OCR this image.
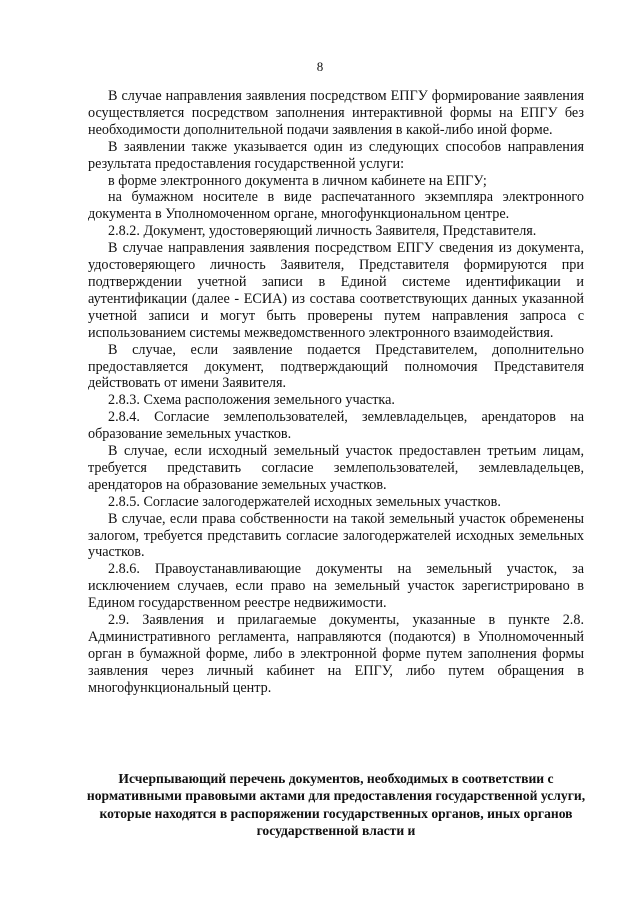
8

В случае направления заявления посредством ЕПГУ формирование заявления осуществляется посредством заполнения интерактивной формы на ЕПГУ без необходимости дополнительной подачи заявления в какой-либо иной форме.

В заявлении также указывается один из следующих способов направления результата предоставления государственной услуги:

в форме электронного документа в личном кабинете на ЕПГУ;

на бумажном носителе в виде распечатанного экземпляра электронного документа в Уполномоченном органе, многофункциональном центре.

2.8.2. Документ, удостоверяющий личность Заявителя, Представителя.

В случае направления заявления посредством ЕПГУ сведения из документа, удостоверяющего личность Заявителя, Представителя формируются при подтверждении учетной записи в Единой системе идентификации и аутентификации (далее - ЕСИА) из состава соответствующих данных указанной учетной записи и могут быть проверены путем направления запроса с использованием системы межведомственного электронного взаимодействия.

В случае, если заявление подается Представителем, дополнительно предоставляется документ, подтверждающий полномочия Представителя действовать от имени Заявителя.

2.8.3. Схема расположения земельного участка.

2.8.4. Согласие землепользователей, землевладельцев, арендаторов на образование земельных участков.

В случае, если исходный земельный участок предоставлен третьим лицам, требуется представить согласие землепользователей, землевладельцев, арендаторов на образование земельных участков.

2.8.5. Согласие залогодержателей исходных земельных участков.

В случае, если права собственности на такой земельный участок обременены залогом, требуется представить согласие залогодержателей исходных земельных участков.

2.8.6. Правоустанавливающие документы на земельный участок, за исключением случаев, если право на земельный участок зарегистрировано в Едином государственном реестре недвижимости.

2.9. Заявления и прилагаемые документы, указанные в пункте 2.8. Административного регламента, направляются (подаются) в Уполномоченный орган в бумажной форме, либо в электронной форме путем заполнения формы заявления через личный кабинет на ЕПГУ, либо путем обращения в многофункциональный центр.

Исчерпывающий перечень документов, необходимых в соответствии с нормативными правовыми актами для предоставления государственной услуги, которые находятся в распоряжении государственных органов, иных органов государственной власти и
